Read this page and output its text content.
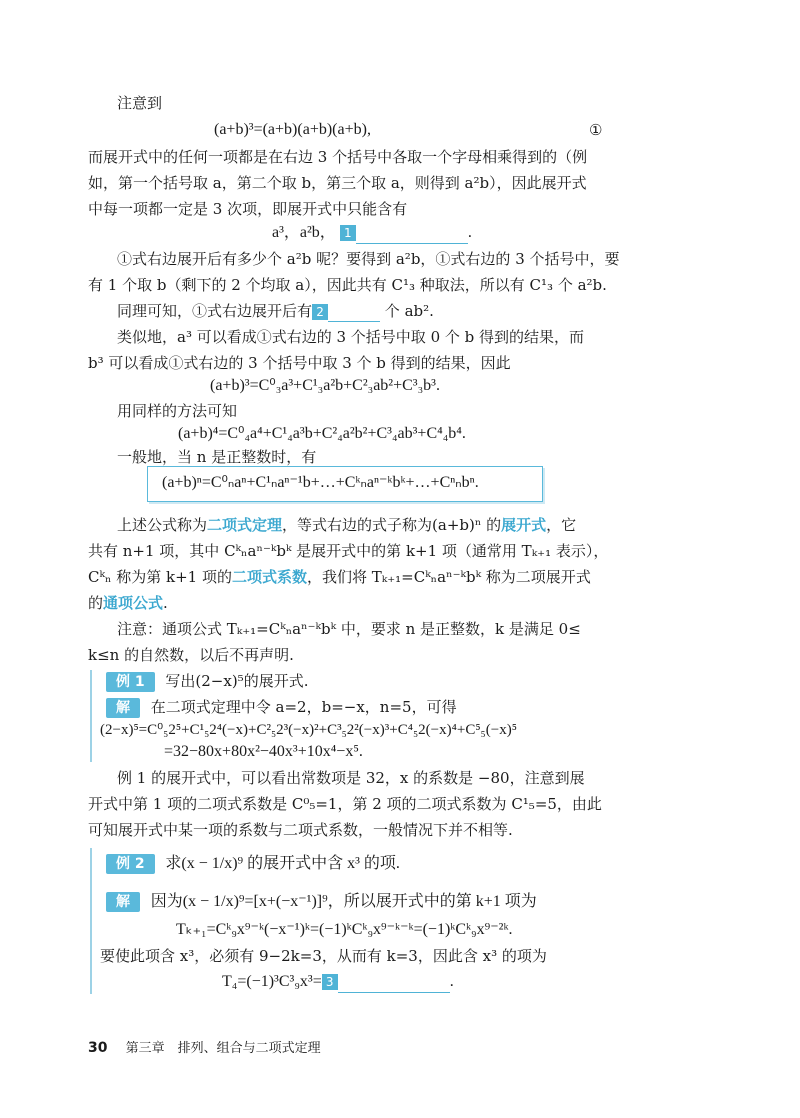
注意到
(a+b)³=(a+b)(a+b)(a+b),	①
而展开式中的任何一项都是在右边 3 个括号中各取一个字母相乘得到的（例
如，第一个括号取 a，第二个取 b，第三个取 a，则得到 a²b），因此展开式
中每一项都一定是 3 次项，即展开式中只能含有
a³，a²b， 1	.
①式右边展开后有多少个 a²b 呢？要得到 a²b，①式右边的 3 个括号中，要
有 1 个取 b（剩下的 2 个均取 a），因此共有 C¹₃ 种取法，所以有 C¹₃ 个 a²b.
同理可知，①式右边展开后有 2	个 ab².
类似地，a³ 可以看成①式右边的 3 个括号中取 0 个 b 得到的结果，而
b³ 可以看成①式右边的 3 个括号中取 3 个 b 得到的结果，因此
(a+b)³=C⁰₃a³+C¹₃a²b+C²₃ab²+C³₃b³.
用同样的方法可知
(a+b)⁴=C⁰₄a⁴+C¹₄a³b+C²₄a²b²+C³₄ab³+C⁴₄b⁴.
一般地，当 n 是正整数时，有
(a+b)ⁿ=C⁰ₙaⁿ+C¹ₙaⁿ⁻¹b+…+Cᵏₙaⁿ⁻ᵏbᵏ+…+Cⁿₙbⁿ.
上述公式称为二项式定理，等式右边的式子称为(a+b)ⁿ 的展开式，它
共有 n+1 项，其中 Cᵏₙaⁿ⁻ᵏbᵏ 是展开式中的第 k+1 项（通常用 Tₖ₊₁ 表示），
Cᵏₙ 称为第 k+1 项的二项式系数，我们将 Tₖ₊₁=Cᵏₙaⁿ⁻ᵏbᵏ 称为二项展开式
的通项公式.
注意：通项公式 Tₖ₊₁=Cᵏₙaⁿ⁻ᵏbᵏ 中，要求 n 是正整数，k 是满足 0≤
k≤n 的自然数，以后不再声明.
例 1 写出(2−x)⁵的展开式.
解 在二项式定理中令 a=2，b=−x，n=5，可得
(2−x)⁵=C⁰₅2⁵+C¹₅2⁴(−x)+C²₅2³(−x)²+C³₅2²(−x)³+C⁴₅2(−x)⁴+C⁵₅(−x)⁵
=32−80x+80x²−40x³+10x⁴−x⁵.
例 1 的展开式中，可以看出常数项是 32，x 的系数是 −80，注意到展
开式中第 1 项的二项式系数是 C⁰₅=1，第 2 项的二项式系数为 C¹₅=5，由此
可知展开式中某一项的系数与二项式系数，一般情况下并不相等.
例 2 求(x − 1/x)⁹ 的展开式中含 x³ 的项.
解 因为(x − 1/x)⁹=[x+(−x⁻¹)]⁹，所以展开式中的第 k+1 项为
Tₖ₊₁=Cᵏ₉x⁹⁻ᵏ(−x⁻¹)ᵏ=(−1)ᵏCᵏ₉x⁹⁻ᵏ⁻ᵏ=(−1)ᵏCᵏ₉x⁹⁻²ᵏ.
要使此项含 x³，必须有 9−2k=3，从而有 k=3，因此含 x³ 的项为
T₄=(−1)³C³₉x³= 3	.
30 第三章　排列、组合与二项式定理
